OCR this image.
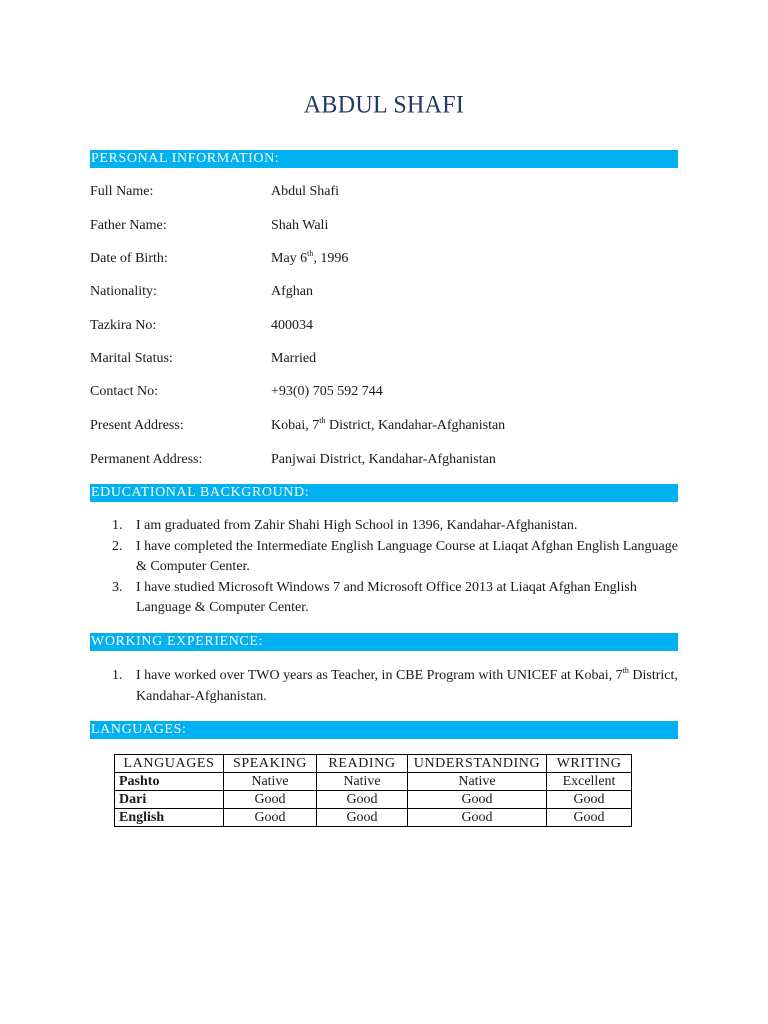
ABDUL SHAFI
PERSONAL INFORMATION:
Full Name:	Abdul Shafi
Father Name:	Shah Wali
Date of Birth:	May 6th, 1996
Nationality:	Afghan
Tazkira No:	400034
Marital Status:	Married
Contact No:	+93(0) 705 592 744
Present Address:	Kobai, 7th District, Kandahar-Afghanistan
Permanent Address:	Panjwai District, Kandahar-Afghanistan
EDUCATIONAL BACKGROUND:
1. I am graduated from Zahir Shahi High School in 1396, Kandahar-Afghanistan.
2. I have completed the Intermediate English Language Course at Liaqat Afghan English Language & Computer Center.
3. I have studied Microsoft Windows 7 and Microsoft Office 2013 at Liaqat Afghan English Language & Computer Center.
WORKING EXPERIENCE:
1. I have worked over TWO years as Teacher, in CBE Program with UNICEF at Kobai, 7th District, Kandahar-Afghanistan.
LANGUAGES:
LANGUAGES	SPEAKING	READING	UNDERSTANDING	WRITING
Pashto	Native	Native	Native	Excellent
Dari	Good	Good	Good	Good
English	Good	Good	Good	Good
